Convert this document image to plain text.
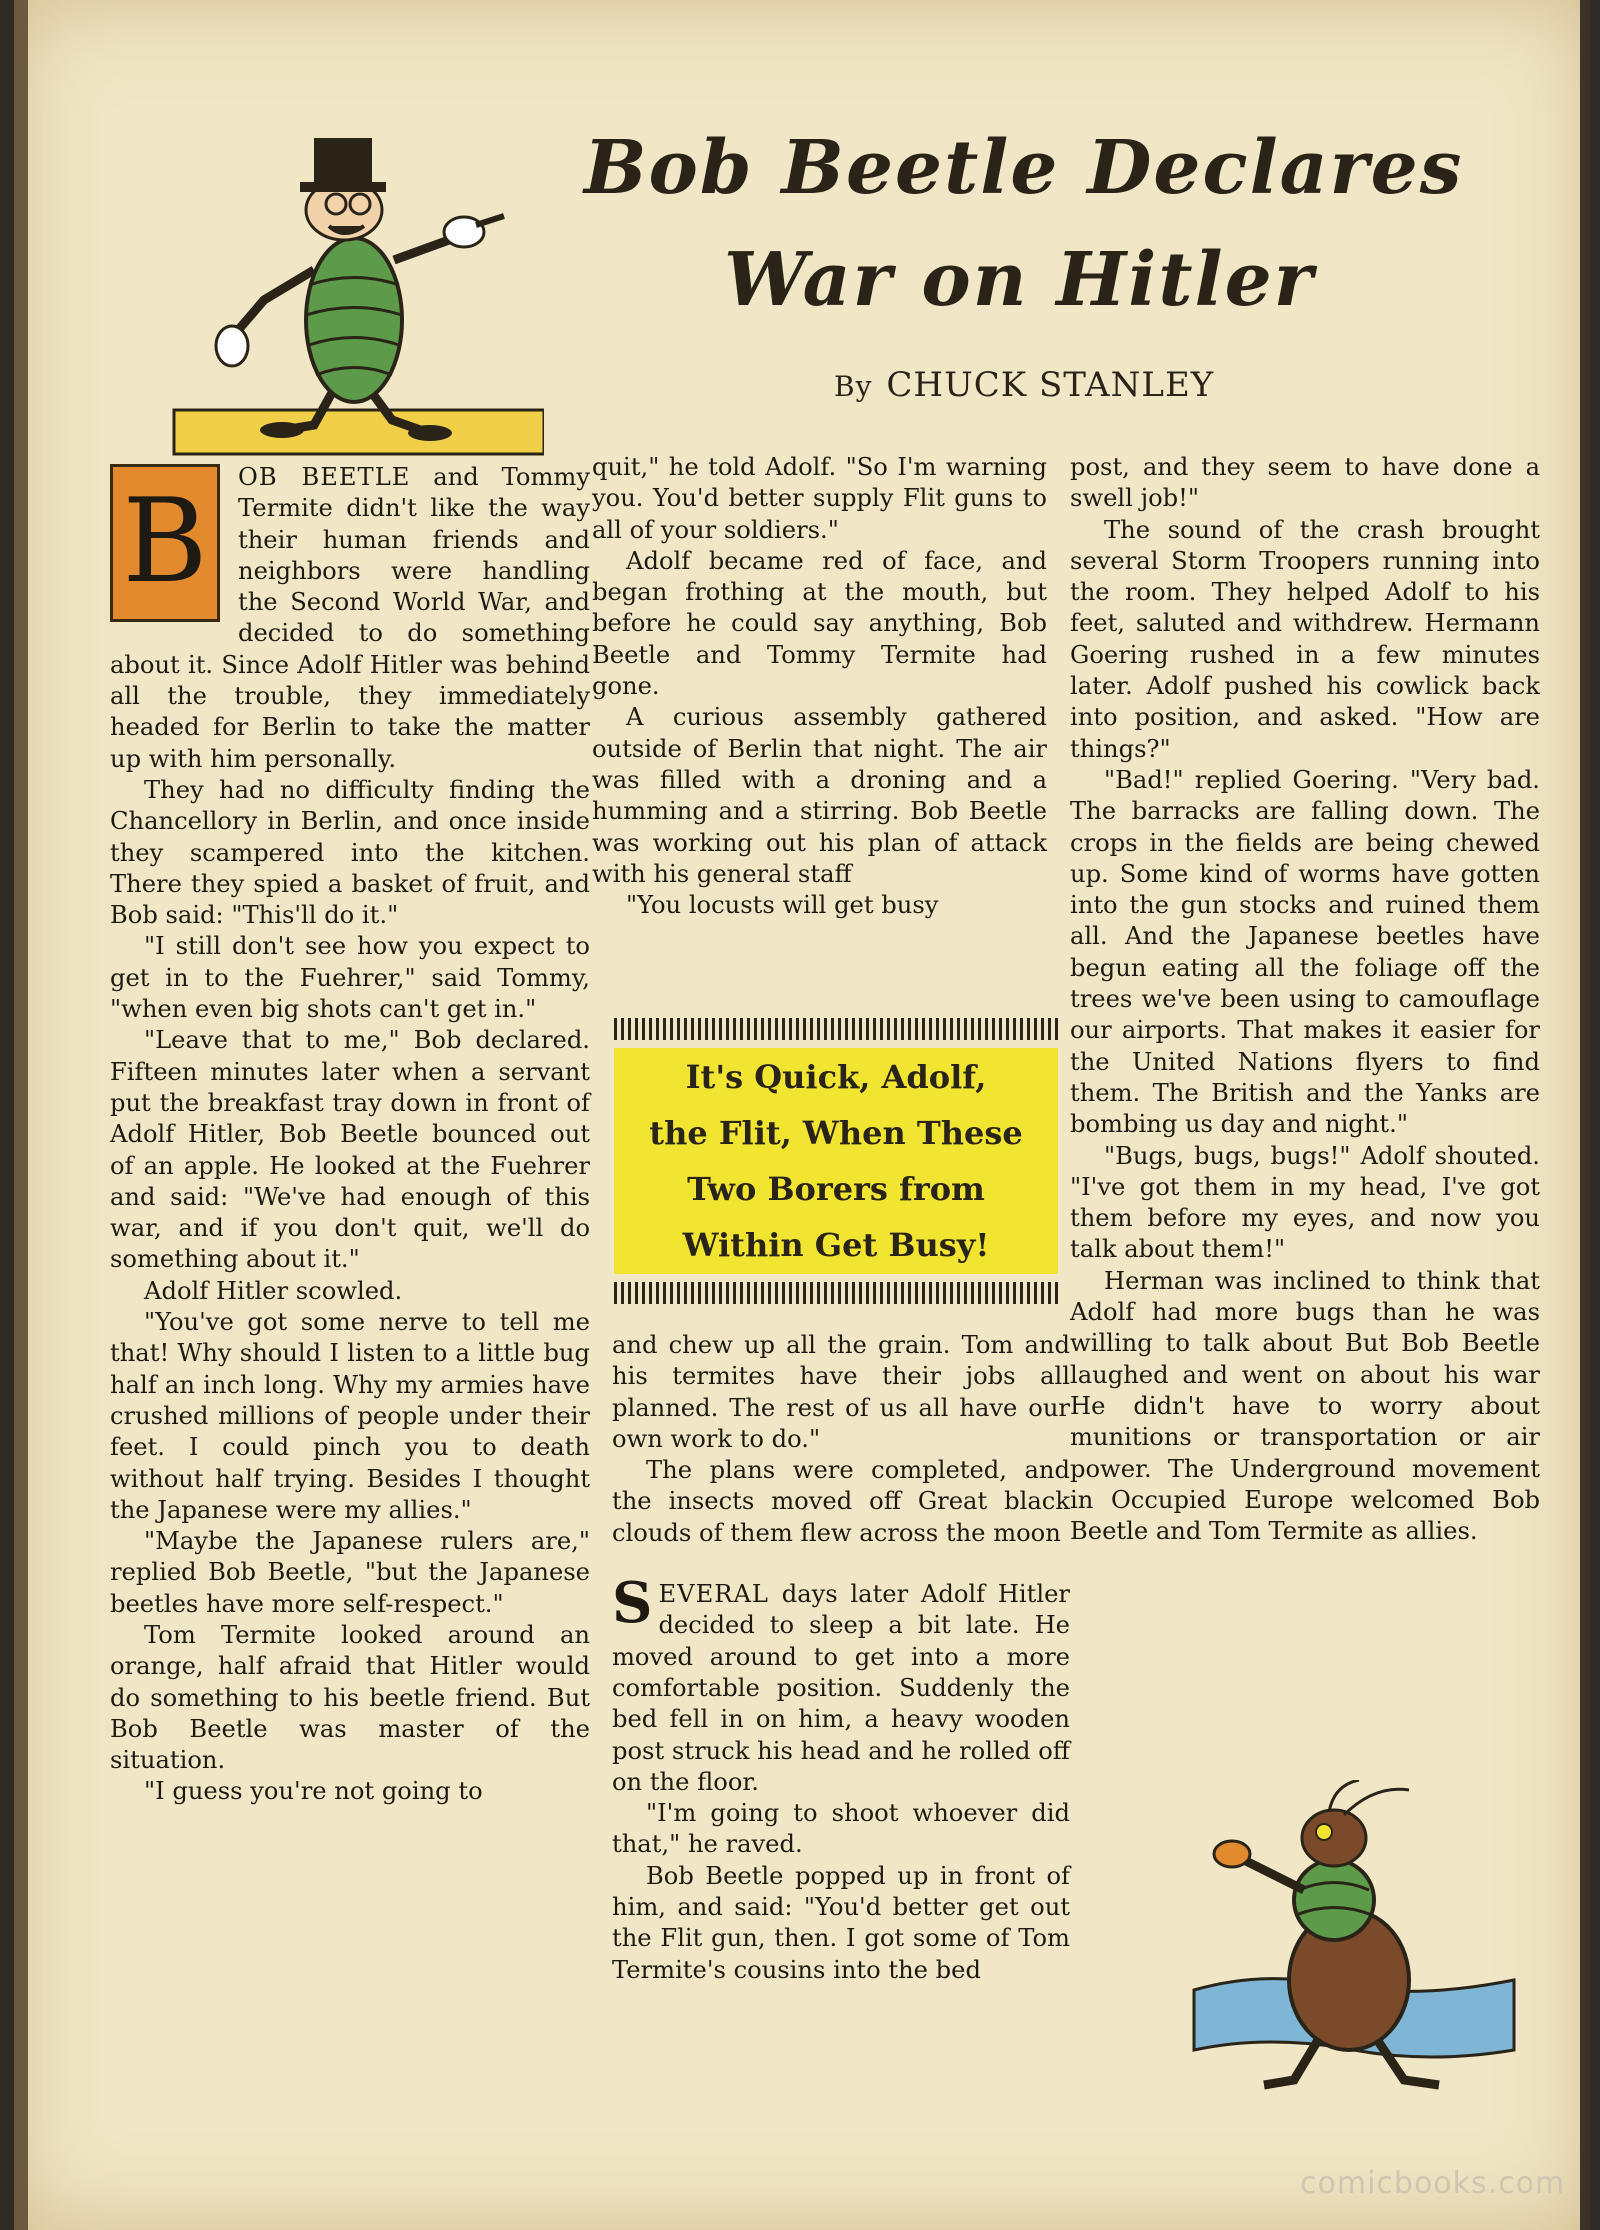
Bob Beetle Declares
War on Hitler

By CHUCK STANLEY

B	OB BEETLE and Tommy Termite didn't like the way their human friends and neighbors were handling the Second World War, and decided to do something about it. Since Adolf Hitler was behind all the trouble, they immediately headed for Berlin to take the matter up with him personally.

They had no difficulty finding the Chancellory in Berlin, and once inside they scampered into the kitchen. There they spied a basket of fruit, and Bob said: "This'll do it."

"I still don't see how you expect to get in to the Fuehrer," said Tommy, "when even big shots can't get in."

"Leave that to me," Bob declared. Fifteen minutes later when a servant put the breakfast tray down in front of Adolf Hitler, Bob Beetle bounced out of an apple. He looked at the Fuehrer and said: "We've had enough of this war, and if you don't quit, we'll do something about it."

Adolf Hitler scowled.

"You've got some nerve to tell me that! Why should I listen to a little bug half an inch long. Why my armies have crushed millions of people under their feet. I could pinch you to death without half trying. Besides I thought the Japanese were my allies."

"Maybe the Japanese rulers are," replied Bob Beetle, "but the Japanese beetles have more self-respect."

Tom Termite looked around an orange, half afraid that Hitler would do something to his beetle friend. But Bob Beetle was master of the situation.

"I guess you're not going to

quit," he told Adolf. "So I'm warning you. You'd better supply Flit guns to all of your soldiers."

Adolf became red of face, and began frothing at the mouth, but before he could say anything, Bob Beetle and Tommy Termite had gone.

A curious assembly gathered outside of Berlin that night. The air was filled with a droning and a humming and a stirring. Bob Beetle was working out his plan of attack with his general staff

"You locusts will get busy

It's Quick, Adolf,
the Flit, When These
Two Borers from
Within Get Busy!

and chew up all the grain. Tom and his termites have their jobs all planned. The rest of us all have our own work to do."

The plans were completed, and the insects moved off Great black clouds of them flew across the moon

SEVERAL days later Adolf Hitler decided to sleep a bit late. He moved around to get into a more comfortable position. Suddenly the bed fell in on him, a heavy wooden post struck his head and he rolled off on the floor.

"I'm going to shoot whoever did that," he raved.

Bob Beetle popped up in front of him, and said: "You'd better get out the Flit gun, then. I got some of Tom Termite's cousins into the bed

post, and they seem to have done a swell job!"

The sound of the crash brought several Storm Troopers running into the room. They helped Adolf to his feet, saluted and withdrew. Hermann Goering rushed in a few minutes later. Adolf pushed his cowlick back into position, and asked. "How are things?"

"Bad!" replied Goering. "Very bad. The barracks are falling down. The crops in the fields are being chewed up. Some kind of worms have gotten into the gun stocks and ruined them all. And the Japanese beetles have begun eating all the foliage off the trees we've been using to camouflage our airports. That makes it easier for the United Nations flyers to find them. The British and the Yanks are bombing us day and night."

"Bugs, bugs, bugs!" Adolf shouted. "I've got them in my head, I've got them before my eyes, and now you talk about them!"

Herman was inclined to think that Adolf had more bugs than he was willing to talk about But Bob Beetle laughed and went on about his war He didn't have to worry about munitions or transportation or air power. The Underground movement in Occupied Europe welcomed Bob Beetle and Tom Termite as allies.

comicbooks.com
